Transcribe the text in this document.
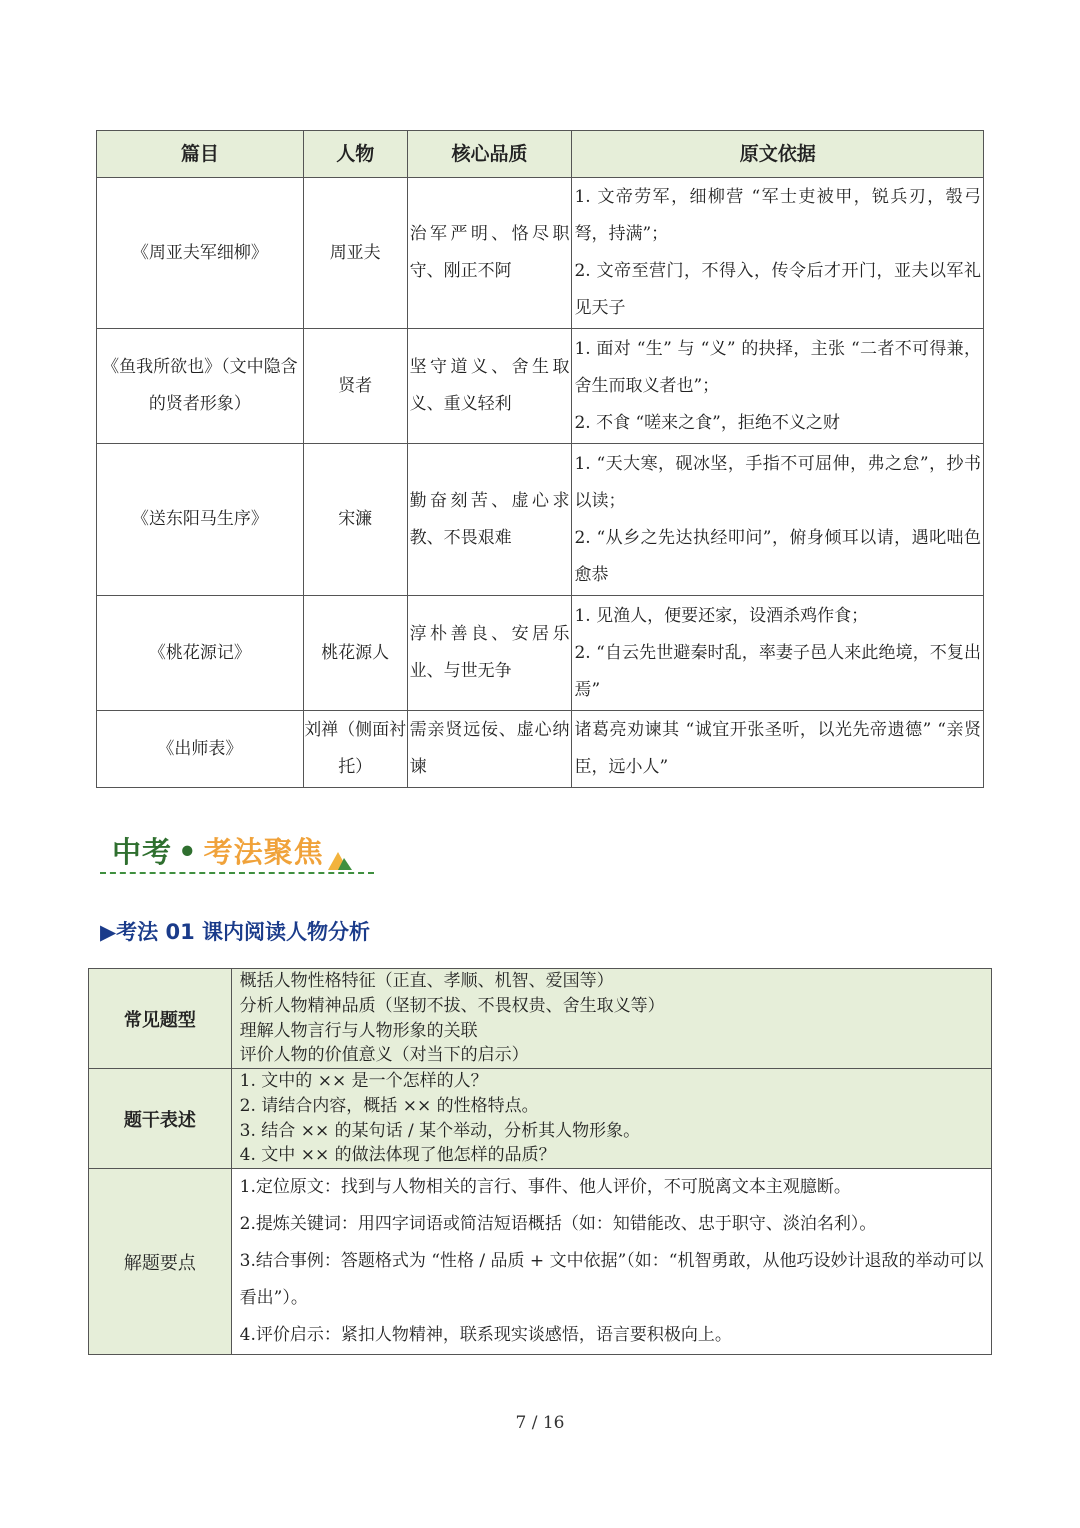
篇目	人物	核心品质	原文依据
《周亚夫军细柳》	周亚夫	治军严明、恪尽职守、刚正不阿	1. 文帝劳军，细柳营 “军士吏被甲，锐兵刃，彀弓弩，持满”；
2. 文帝至营门，不得入，传令后才开门，亚夫以军礼见天子

《鱼我所欲也》（文中隐含的贤者形象）	贤者	坚守道义、舍生取义、重义轻利	1. 面对 “生” 与 “义” 的抉择，主张 “二者不可得兼，舍生而取义者也”；
2. 不食 “嗟来之食”，拒绝不义之财

《送东阳马生序》	宋濂	勤奋刻苦、虚心求教、不畏艰难	1. “天大寒，砚冰坚，手指不可屈伸，弗之怠”，抄书以读；
2. “从乡之先达执经叩问”，俯身倾耳以请，遇叱咄色愈恭

《桃花源记》	桃花源人	淳朴善良、安居乐业、与世无争	1. 见渔人，便要还家，设酒杀鸡作食；
2. “自云先世避秦时乱，率妻子邑人来此绝境，不复出焉”

《出师表》	刘禅（侧面衬托）	需亲贤远佞、虚心纳谏	诸葛亮劝谏其 “诚宜开张圣听，以光先帝遗德” “亲贤臣，远小人”
中考 • 考法聚焦
▶考法 01 课内阅读人物分析
常见题型	概括人物性格特征（正直、孝顺、机智、爱国等）
分析人物精神品质（坚韧不拔、不畏权贵、舍生取义等）
理解人物言行与人物形象的关联
评价人物的价值意义（对当下的启示）

题干表述	1. 文中的 ×× 是一个怎样的人？
2. 请结合内容，概括 ×× 的性格特点。
3. 结合 ×× 的某句话 / 某个举动，分析其人物形象。
4. 文中 ×× 的做法体现了他怎样的品质？

解题要点	1.定位原文：找到与人物相关的言行、事件、他人评价，不可脱离文本主观臆断。
2.提炼关键词：用四字词语或简洁短语概括（如：知错能改、忠于职守、淡泊名利）。
3.结合事例：答题格式为 “性格 / 品质 + 文中依据”（如：“机智勇敢，从他巧设妙计退敌的举动可以看出”）。
4.评价启示：紧扣人物精神，联系现实谈感悟，语言要积极向上。
7 / 16
